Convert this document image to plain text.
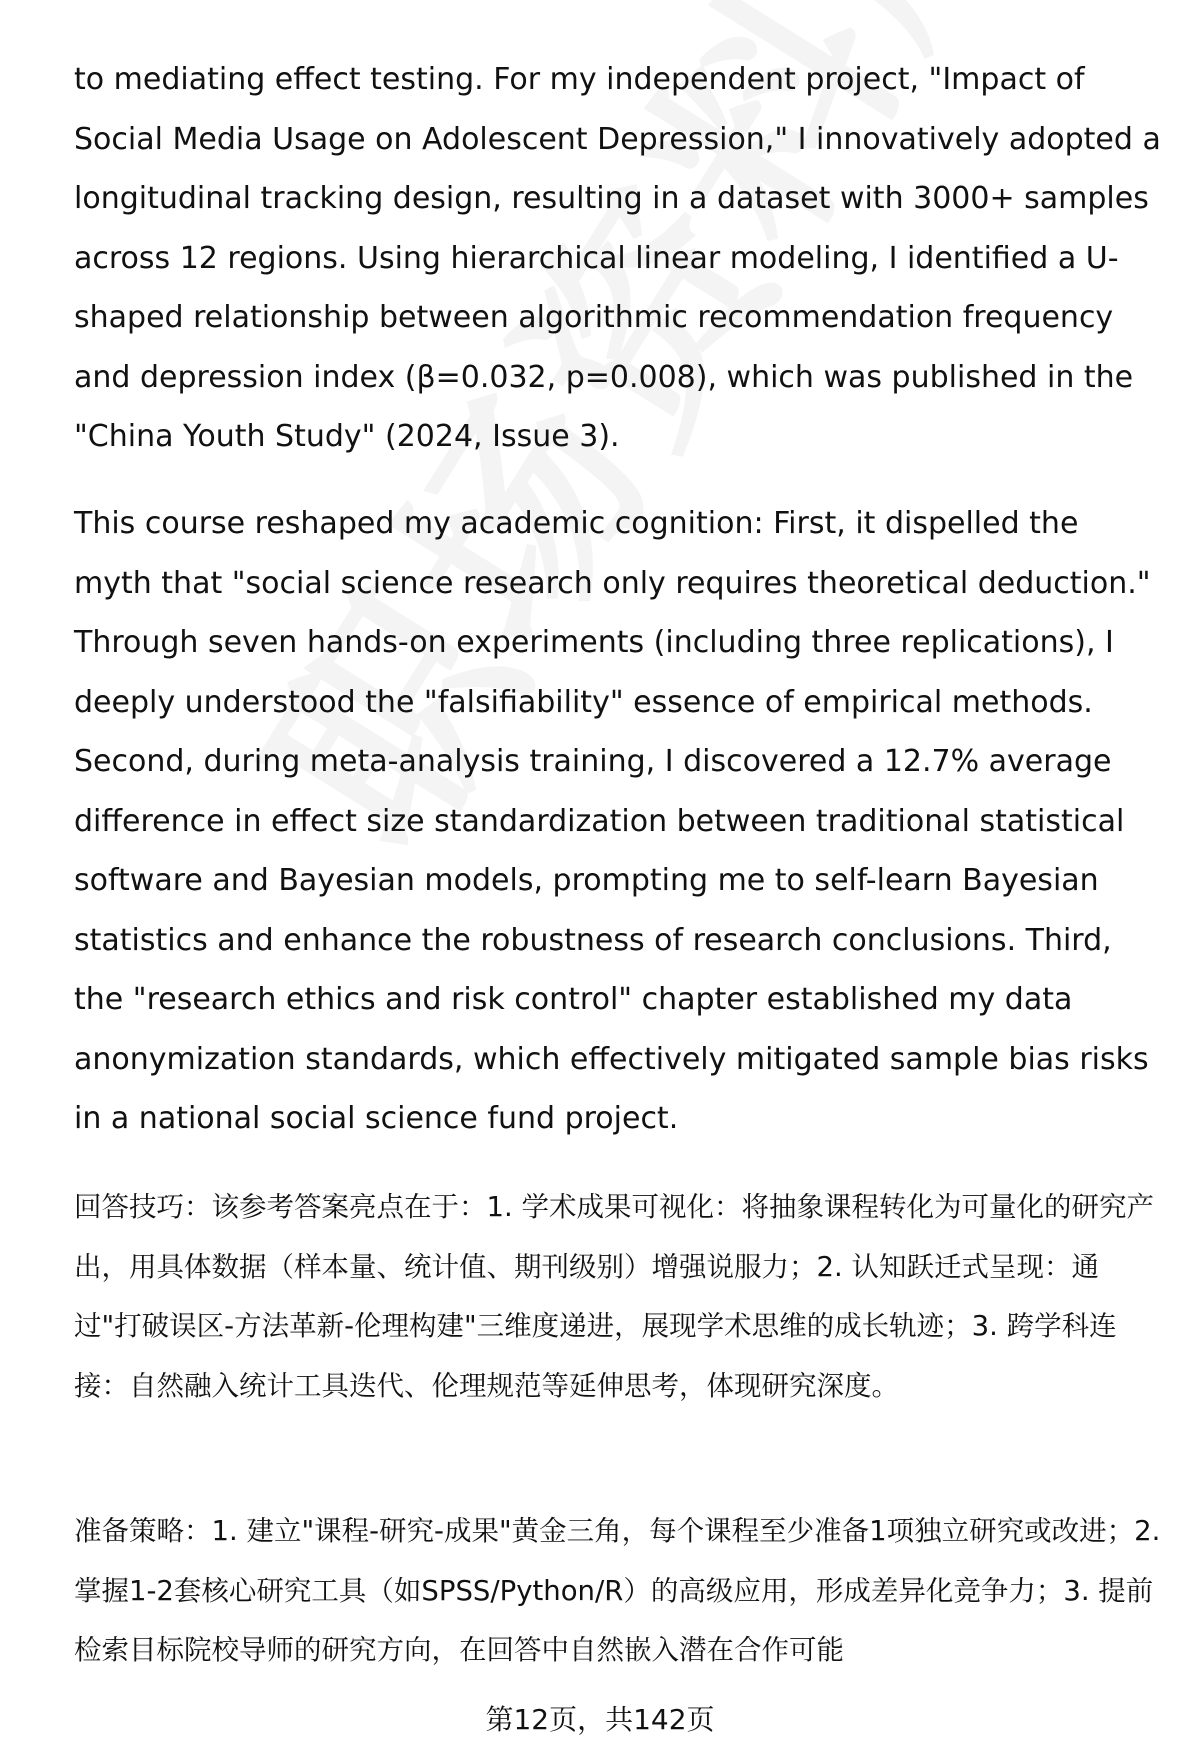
to mediating effect testing. For my independent project, "Impact of Social Media Usage on Adolescent Depression," I innovatively adopted a longitudinal tracking design, resulting in a dataset with 3000+ samples across 12 regions. Using hierarchical linear modeling, I identified a U-shaped relationship between algorithmic recommendation frequency and depression index (β=0.032, p=0.008), which was published in the "China Youth Study" (2024, Issue 3).

This course reshaped my academic cognition: First, it dispelled the myth that "social science research only requires theoretical deduction." Through seven hands-on experiments (including three replications), I deeply understood the "falsifiability" essence of empirical methods. Second, during meta-analysis training, I discovered a 12.7% average difference in effect size standardization between traditional statistical software and Bayesian models, prompting me to self-learn Bayesian statistics and enhance the robustness of research conclusions. Third, the "research ethics and risk control" chapter established my data anonymization standards, which effectively mitigated sample bias risks in a national social science fund project.

回答技巧：该参考答案亮点在于：1. 学术成果可视化：将抽象课程转化为可量化的研究产出，用具体数据（样本量、统计值、期刊级别）增强说服力；2. 认知跃迁式呈现：通过"打破误区-方法革新-伦理构建"三维度递进，展现学术思维的成长轨迹；3. 跨学科连接：自然融入统计工具迭代、伦理规范等延伸思考，体现研究深度。

准备策略：1. 建立"课程-研究-成果"黄金三角，每个课程至少准备1项独立研究或改进；2. 掌握1-2套核心研究工具（如SPSS/Python/R）的高级应用，形成差异化竞争力；3. 提前检索目标院校导师的研究方向，在回答中自然嵌入潜在合作可能

第12页，共142页
